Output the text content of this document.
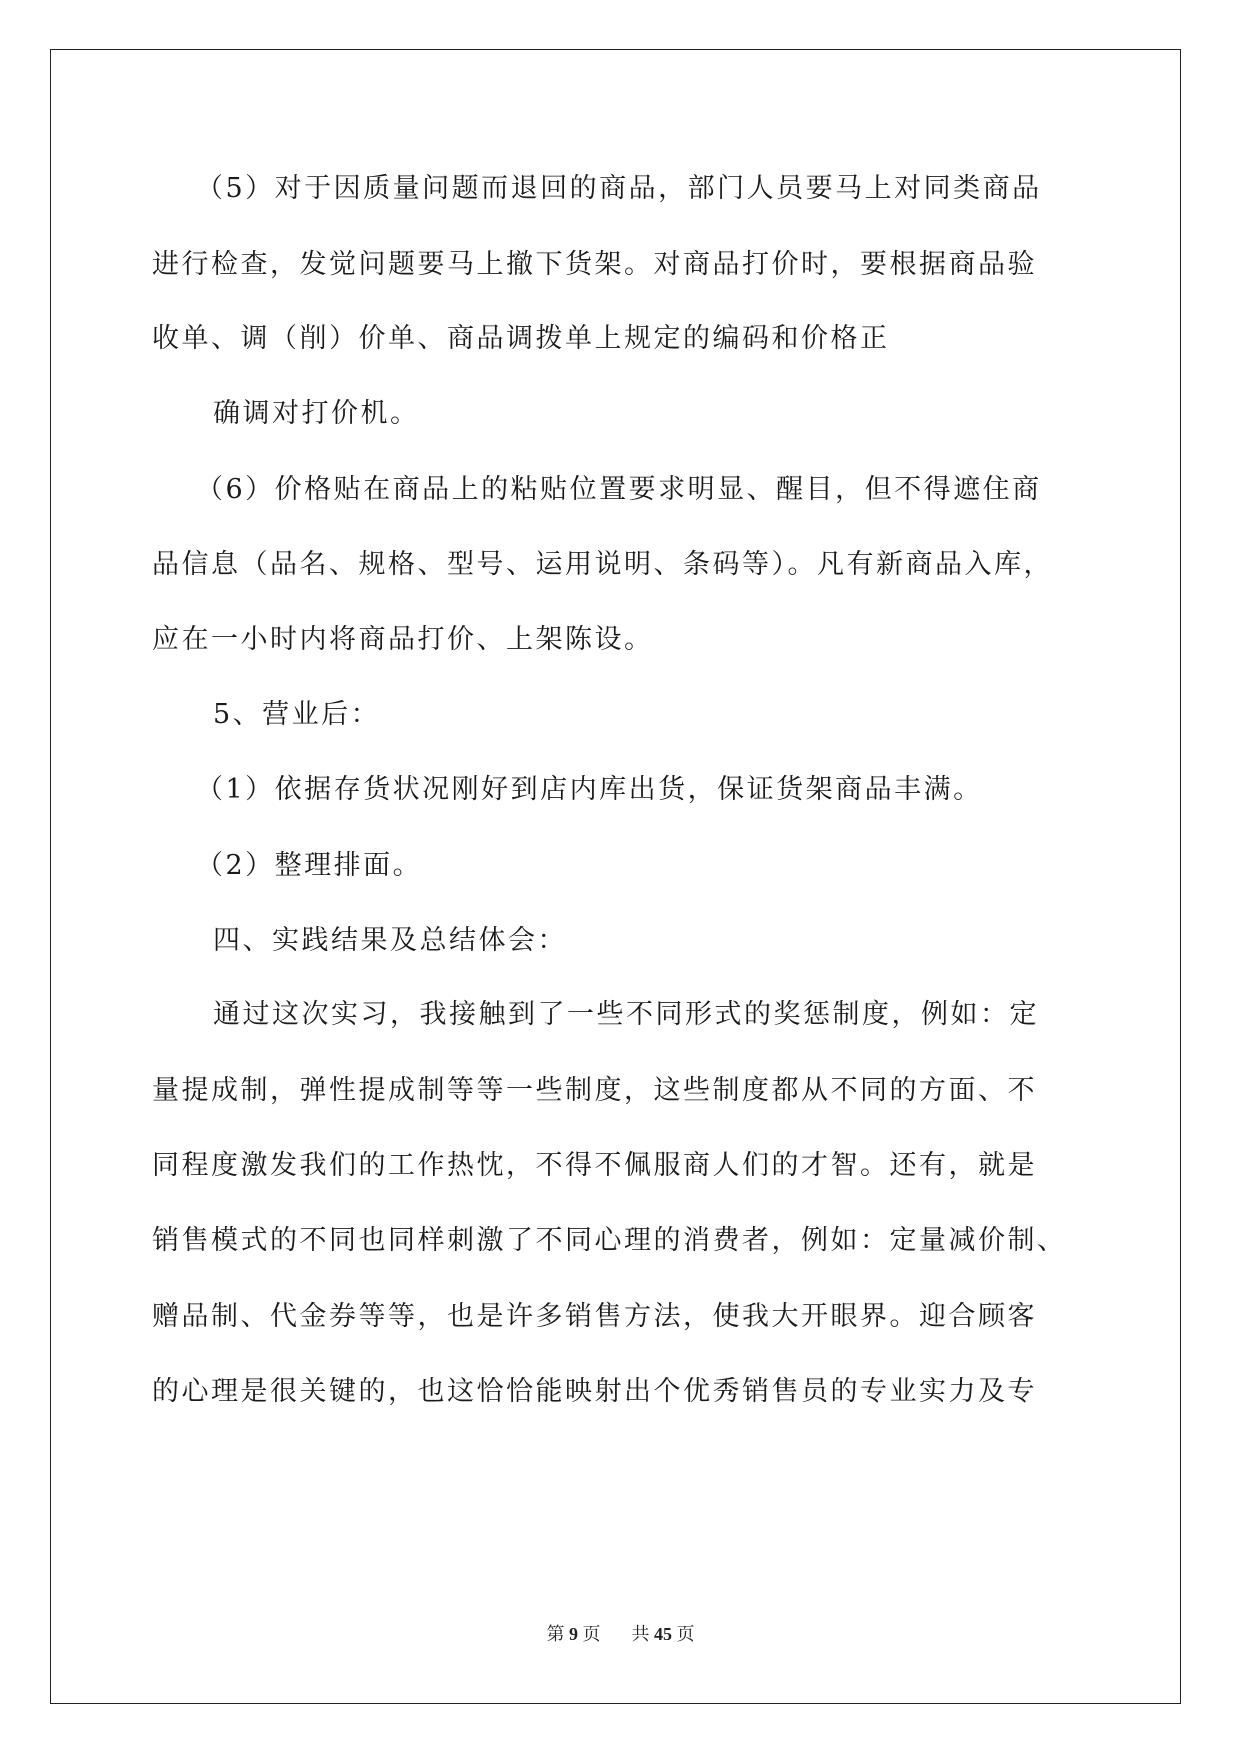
（5）对于因质量问题而退回的商品，部门人员要马上对同类商品
进行检查，发觉问题要马上撤下货架。对商品打价时，要根据商品验
收单、调（削）价单、商品调拨单上规定的编码和价格正
确调对打价机。
（6）价格贴在商品上的粘贴位置要求明显、醒目，但不得遮住商
品信息（品名、规格、型号、运用说明、条码等）。凡有新商品入库，
应在一小时内将商品打价、上架陈设。
5、营业后：
（1）依据存货状况刚好到店内库出货，保证货架商品丰满。
（2）整理排面。
四、实践结果及总结体会：
通过这次实习，我接触到了一些不同形式的奖惩制度，例如：定
量提成制，弹性提成制等等一些制度，这些制度都从不同的方面、不
同程度激发我们的工作热忱，不得不佩服商人们的才智。还有，就是
销售模式的不同也同样刺激了不同心理的消费者，例如：定量减价制、
赠品制、代金券等等，也是许多销售方法，使我大开眼界。迎合顾客
的心理是很关键的，也这恰恰能映射出个优秀销售员的专业实力及专
第 9 页 共 45 页
